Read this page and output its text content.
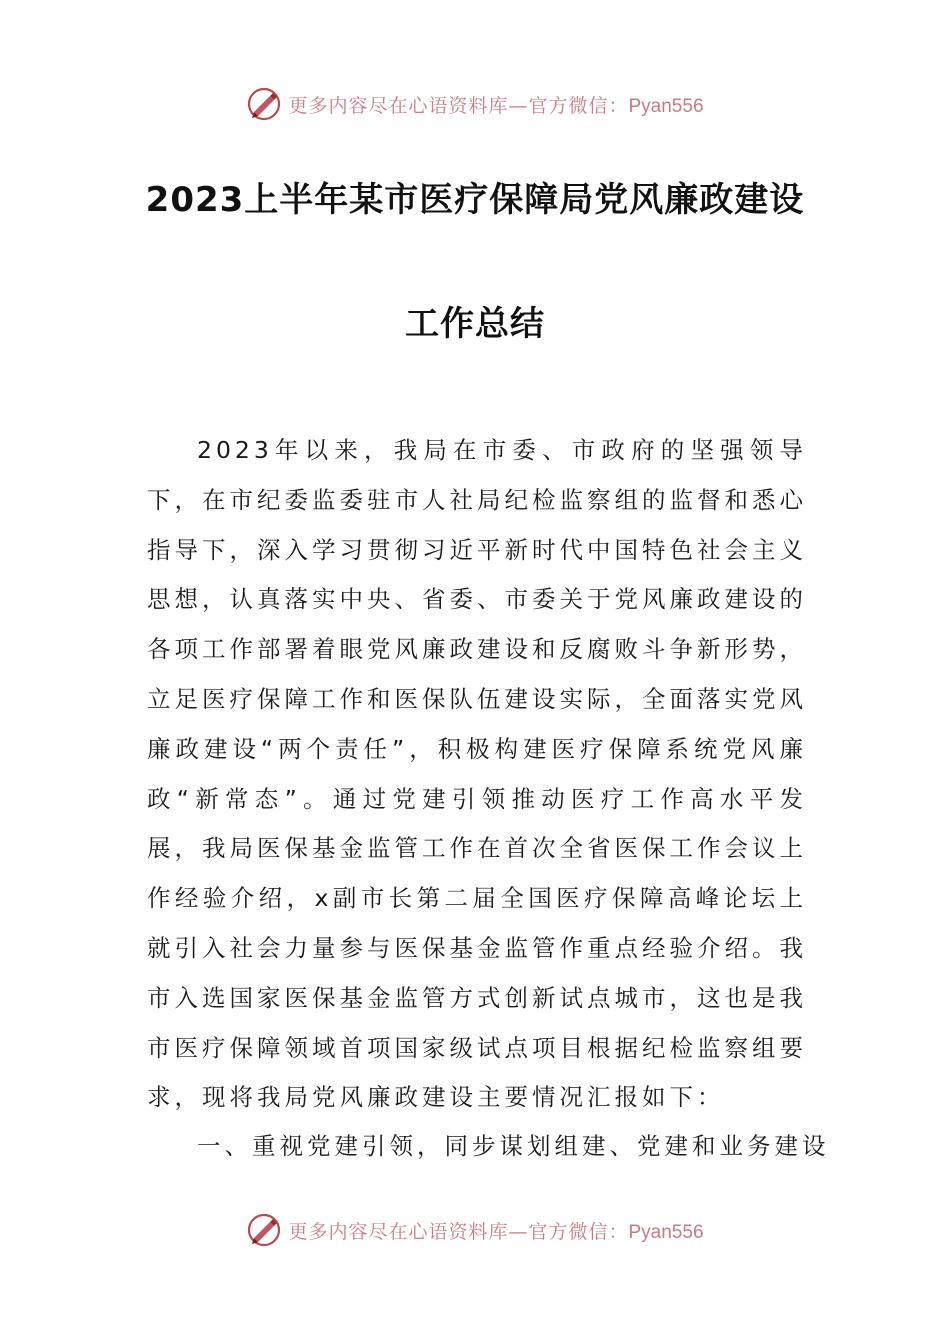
更多内容尽在心语资料库—官方微信：Pyan556
2023上半年某市医疗保障局党风廉政建设
工作总结

2023年以来，我局在市委、市政府的坚强领导下，在市纪委监委驻市人社局纪检监察组的监督和悉心指导下，深入学习贯彻习近平新时代中国特色社会主义思想，认真落实中央、省委、市委关于党风廉政建设的各项工作部署着眼党风廉政建设和反腐败斗争新形势，立足医疗保障工作和医保队伍建设实际，全面落实党风廉政建设“两个责任”，积极构建医疗保障系统党风廉政“新常态”。通过党建引领推动医疗工作高水平发展，我局医保基金监管工作在首次全省医保工作会议上作经验介绍，x副市长第二届全国医疗保障高峰论坛上就引入社会力量参与医保基金监管作重点经验介绍。我市入选国家医保基金监管方式创新试点城市，这也是我市医疗保障领域首项国家级试点项目根据纪检监察组要求，现将我局党风廉政建设主要情况汇报如下：

一、重视党建引领，同步谋划组建、党建和业务建设
更多内容尽在心语资料库—官方微信：Pyan556
